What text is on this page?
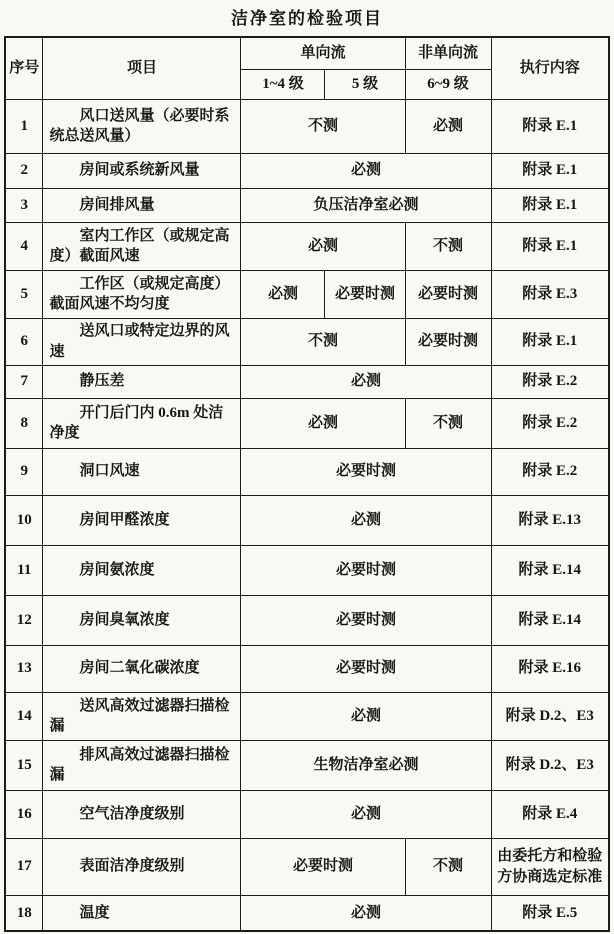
洁净室的检验项目
序号	项目	单向流		非单向流	执行内容
		1~4 级	5 级	6~9 级	
1	风口送风量（必要时系统总送风量）	不测		必测	附录 E.1
2	房间或系统新风量	必测			附录 E.1
3	房间排风量	负压洁净室必测			附录 E.1
4	室内工作区（或规定高度）截面风速	必测		不测	附录 E.1
5	工作区（或规定高度）截面风速不均匀度	必测	必要时测	必要时测	附录 E.3
6	送风口或特定边界的风速	不测		必要时测	附录 E.1
7	静压差	必测			附录 E.2
8	开门后门内 0.6m 处洁净度	必测		不测	附录 E.2
9	洞口风速	必要时测			附录 E.2
10	房间甲醛浓度	必测			附录 E.13
11	房间氨浓度	必要时测			附录 E.14
12	房间臭氧浓度	必要时测			附录 E.14
13	房间二氧化碳浓度	必要时测			附录 E.16
14	送风高效过滤器扫描检漏	必测			附录 D.2、E3
15	排风高效过滤器扫描检漏	生物洁净室必测			附录 D.2、E3
16	空气洁净度级别	必测			附录 E.4
17	表面洁净度级别	必要时测		不测	由委托方和检验方协商选定标准
18	温度	必测			附录 E.5
